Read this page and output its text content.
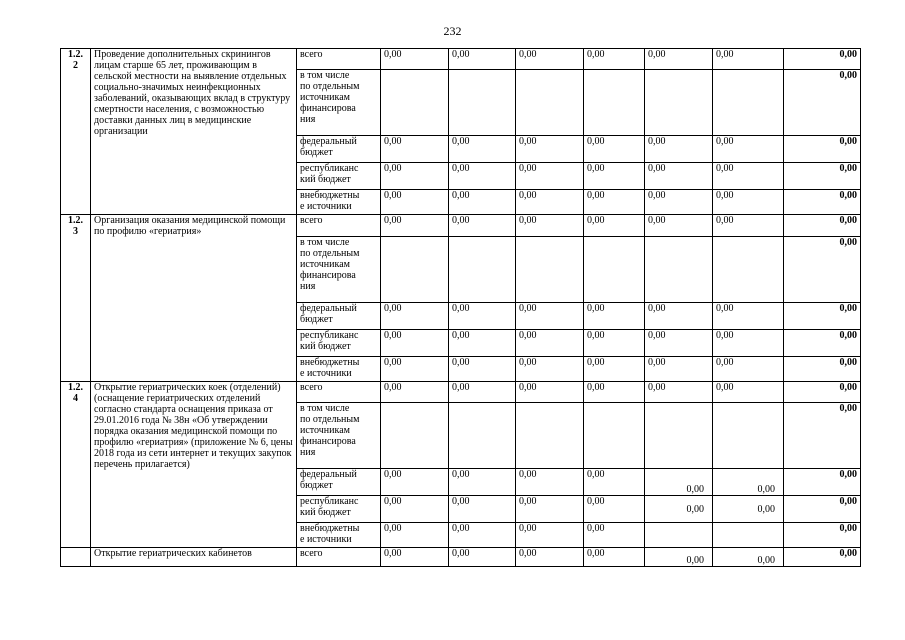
232
1.2.
2	Проведение дополнительных скринингов лицам старше 65 лет, проживающим в сельской местности на выявление отдельных социально-значимых неинфекционных заболеваний, оказывающих вклад в структуру смертности населения, с возможностью доставки данных лиц в медицинские организации	всего	0,00	0,00	0,00	0,00	0,00	0,00	0,00
		в том числе
по отдельным
источникам
финансирова
ния							0,00
		федеральный
бюджет	0,00	0,00	0,00	0,00	0,00	0,00	0,00
		республиканс
кий бюджет	0,00	0,00	0,00	0,00	0,00	0,00	0,00
		внебюджетны
е источники	0,00	0,00	0,00	0,00	0,00	0,00	0,00
1.2.
3	Организация оказания медицинской помощи по профилю «гериатрия»	всего	0,00	0,00	0,00	0,00	0,00	0,00	0,00
		в том числе
по отдельным
источникам
финансирова
ния							0,00
		федеральный
бюджет	0,00	0,00	0,00	0,00	0,00	0,00	0,00
		республиканс
кий бюджет	0,00	0,00	0,00	0,00	0,00	0,00	0,00
		внебюджетны
е источники	0,00	0,00	0,00	0,00	0,00	0,00	0,00
1.2.
4	Открытие гериатрических коек (отделений) (оснащение гериатрических отделений согласно стандарта оснащения приказа от 29.01.2016 года № 38н «Об утверждении порядка оказания медицинской помощи по профилю «гериатрия» (приложение № 6, цены 2018 года из сети интернет и текущих закупок перечень прилагается)	всего	0,00	0,00	0,00	0,00	0,00	0,00	0,00
		в том числе
по отдельным
источникам
финансирова
ния							0,00
		федеральный
бюджет	0,00	0,00	0,00	0,00	0,00	0,00	0,00
		республиканс
кий бюджет	0,00	0,00	0,00	0,00	0,00	0,00	0,00
		внебюджетны
е источники	0,00	0,00	0,00	0,00			0,00
	Открытие гериатрических кабинетов	всего	0,00	0,00	0,00	0,00	0,00	0,00	0,00
